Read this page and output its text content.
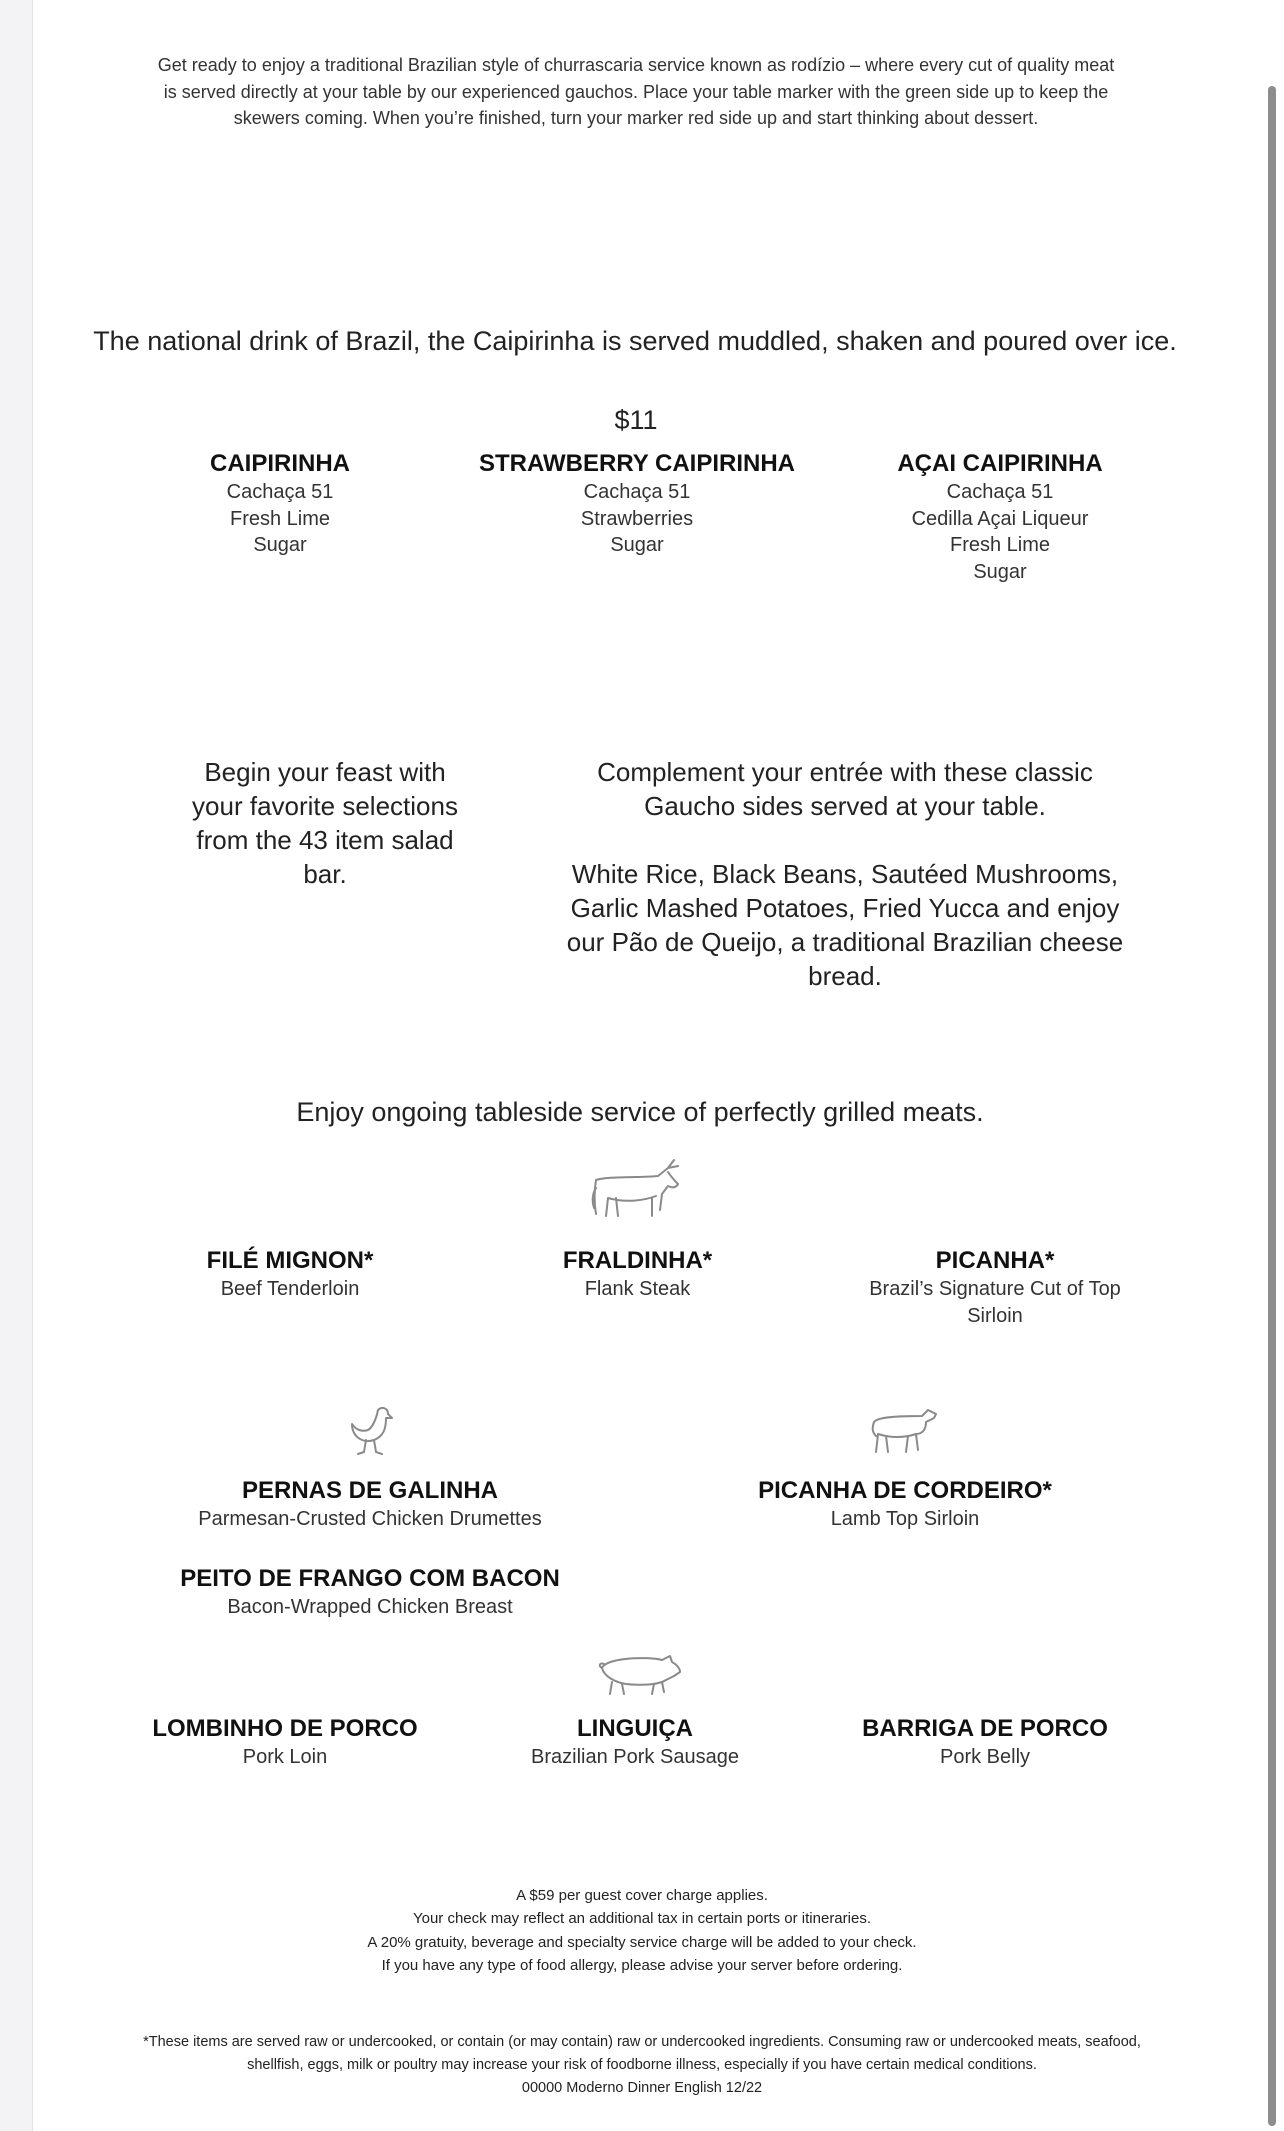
Get ready to enjoy a traditional Brazilian style of churrascaria service known as rodízio – where every cut of quality meat is served directly at your table by our experienced gauchos. Place your table marker with the green side up to keep the skewers coming. When you’re finished, turn your marker red side up and start thinking about dessert.
The national drink of Brazil, the Caipirinha is served muddled, shaken and poured over ice.
$11
CAIPIRINHA
Cachaça 51
Fresh Lime
Sugar
STRAWBERRY CAIPIRINHA
Cachaça 51
Strawberries
Sugar
AÇAI CAIPIRINHA
Cachaça 51
Cedilla Açai Liqueur
Fresh Lime
Sugar
Begin your feast with your favorite selections from the 43 item salad bar.

Complement your entrée with these classic Gaucho sides served at your table.

White Rice, Black Beans, Sautéed Mushrooms, Garlic Mashed Potatoes, Fried Yucca and enjoy our Pão de Queijo, a traditional Brazilian cheese bread.

Enjoy ongoing tableside service of perfectly grilled meats.
FILÉ MIGNON*
Beef Tenderloin
FRALDINHA*
Flank Steak
PICANHA*
Brazil’s Signature Cut of Top Sirloin
PERNAS DE GALINHA
Parmesan-Crusted Chicken Drumettes
PICANHA DE CORDEIRO*
Lamb Top Sirloin
PEITO DE FRANGO COM BACON
Bacon-Wrapped Chicken Breast
LOMBINHO DE PORCO
Pork Loin
LINGUIÇA
Brazilian Pork Sausage
BARRIGA DE PORCO
Pork Belly
A $59 per guest cover charge applies.
Your check may reflect an additional tax in certain ports or itineraries.
A 20% gratuity, beverage and specialty service charge will be added to your check.
If you have any type of food allergy, please advise your server before ordering.
*These items are served raw or undercooked, or contain (or may contain) raw or undercooked ingredients. Consuming raw or undercooked meats, seafood,
shellfish, eggs, milk or poultry may increase your risk of foodborne illness, especially if you have certain medical conditions.
00000 Moderno Dinner English 12/22
